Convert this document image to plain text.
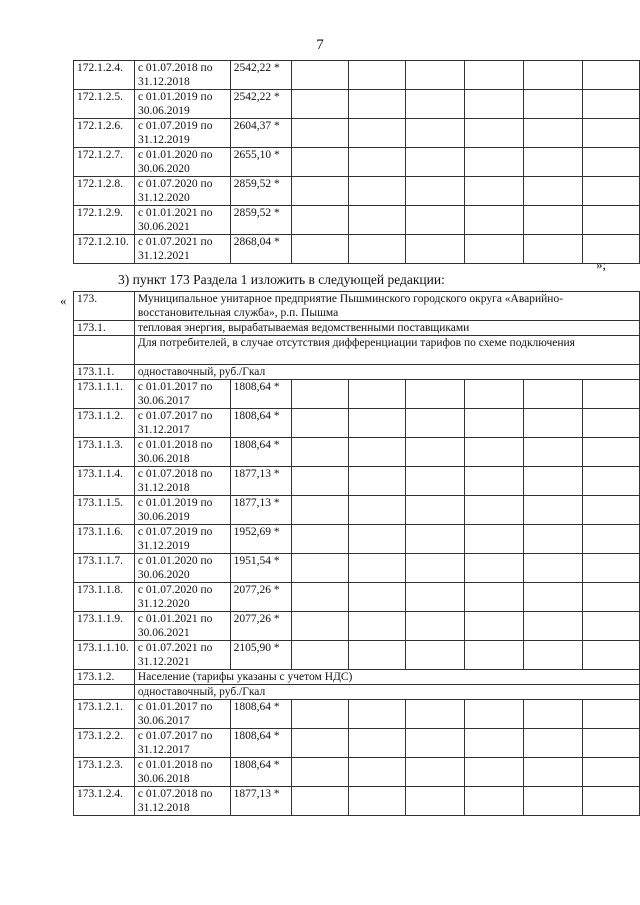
7
172.1.2.4.	с 01.07.2018 по
31.12.2018	2542,22 *						
172.1.2.5.	с 01.01.2019 по
30.06.2019	2542,22 *						
172.1.2.6.	с 01.07.2019 по
31.12.2019	2604,37 *						
172.1.2.7.	с 01.01.2020 по
30.06.2020	2655,10 *						
172.1.2.8.	с 01.07.2020 по
31.12.2020	2859,52 *						
172.1.2.9.	с 01.01.2021 по
30.06.2021	2859,52 *						
172.1.2.10.	с 01.07.2021 по
31.12.2021	2868,04 *						
»;
3) пункт 173 Раздела 1 изложить в следующей редакции:
« 173.	Муниципальное унитарное предприятие Пышминского городского округа «Аварийно-восстановительная служба», р.п. Пышма							
173.1.	тепловая энергия, вырабатываемая ведомственными поставщиками							
	Для потребителей, в случае отсутствия дифференциации тарифов по схеме подключения							
173.1.1.	одноставочный, руб./Гкал							
173.1.1.1.	с 01.01.2017 по
30.06.2017	1808,64 *						
173.1.1.2.	с 01.07.2017 по
31.12.2017	1808,64 *						
173.1.1.3.	с 01.01.2018 по
30.06.2018	1808,64 *						
173.1.1.4.	с 01.07.2018 по
31.12.2018	1877,13 *						
173.1.1.5.	с 01.01.2019 по
30.06.2019	1877,13 *						
173.1.1.6.	с 01.07.2019 по
31.12.2019	1952,69 *						
173.1.1.7.	с 01.01.2020 по
30.06.2020	1951,54 *						
173.1.1.8.	с 01.07.2020 по
31.12.2020	2077,26 *						
173.1.1.9.	с 01.01.2021 по
30.06.2021	2077,26 *						
173.1.1.10.	с 01.07.2021 по
31.12.2021	2105,90 *						
173.1.2.	Население (тарифы указаны с учетом НДС)							
	одноставочный, руб./Гкал							
173.1.2.1.	с 01.01.2017 по
30.06.2017	1808,64 *						
173.1.2.2.	с 01.07.2017 по
31.12.2017	1808,64 *						
173.1.2.3.	с 01.01.2018 по
30.06.2018	1808,64 *						
173.1.2.4.	с 01.07.2018 по
31.12.2018	1877,13 *						
